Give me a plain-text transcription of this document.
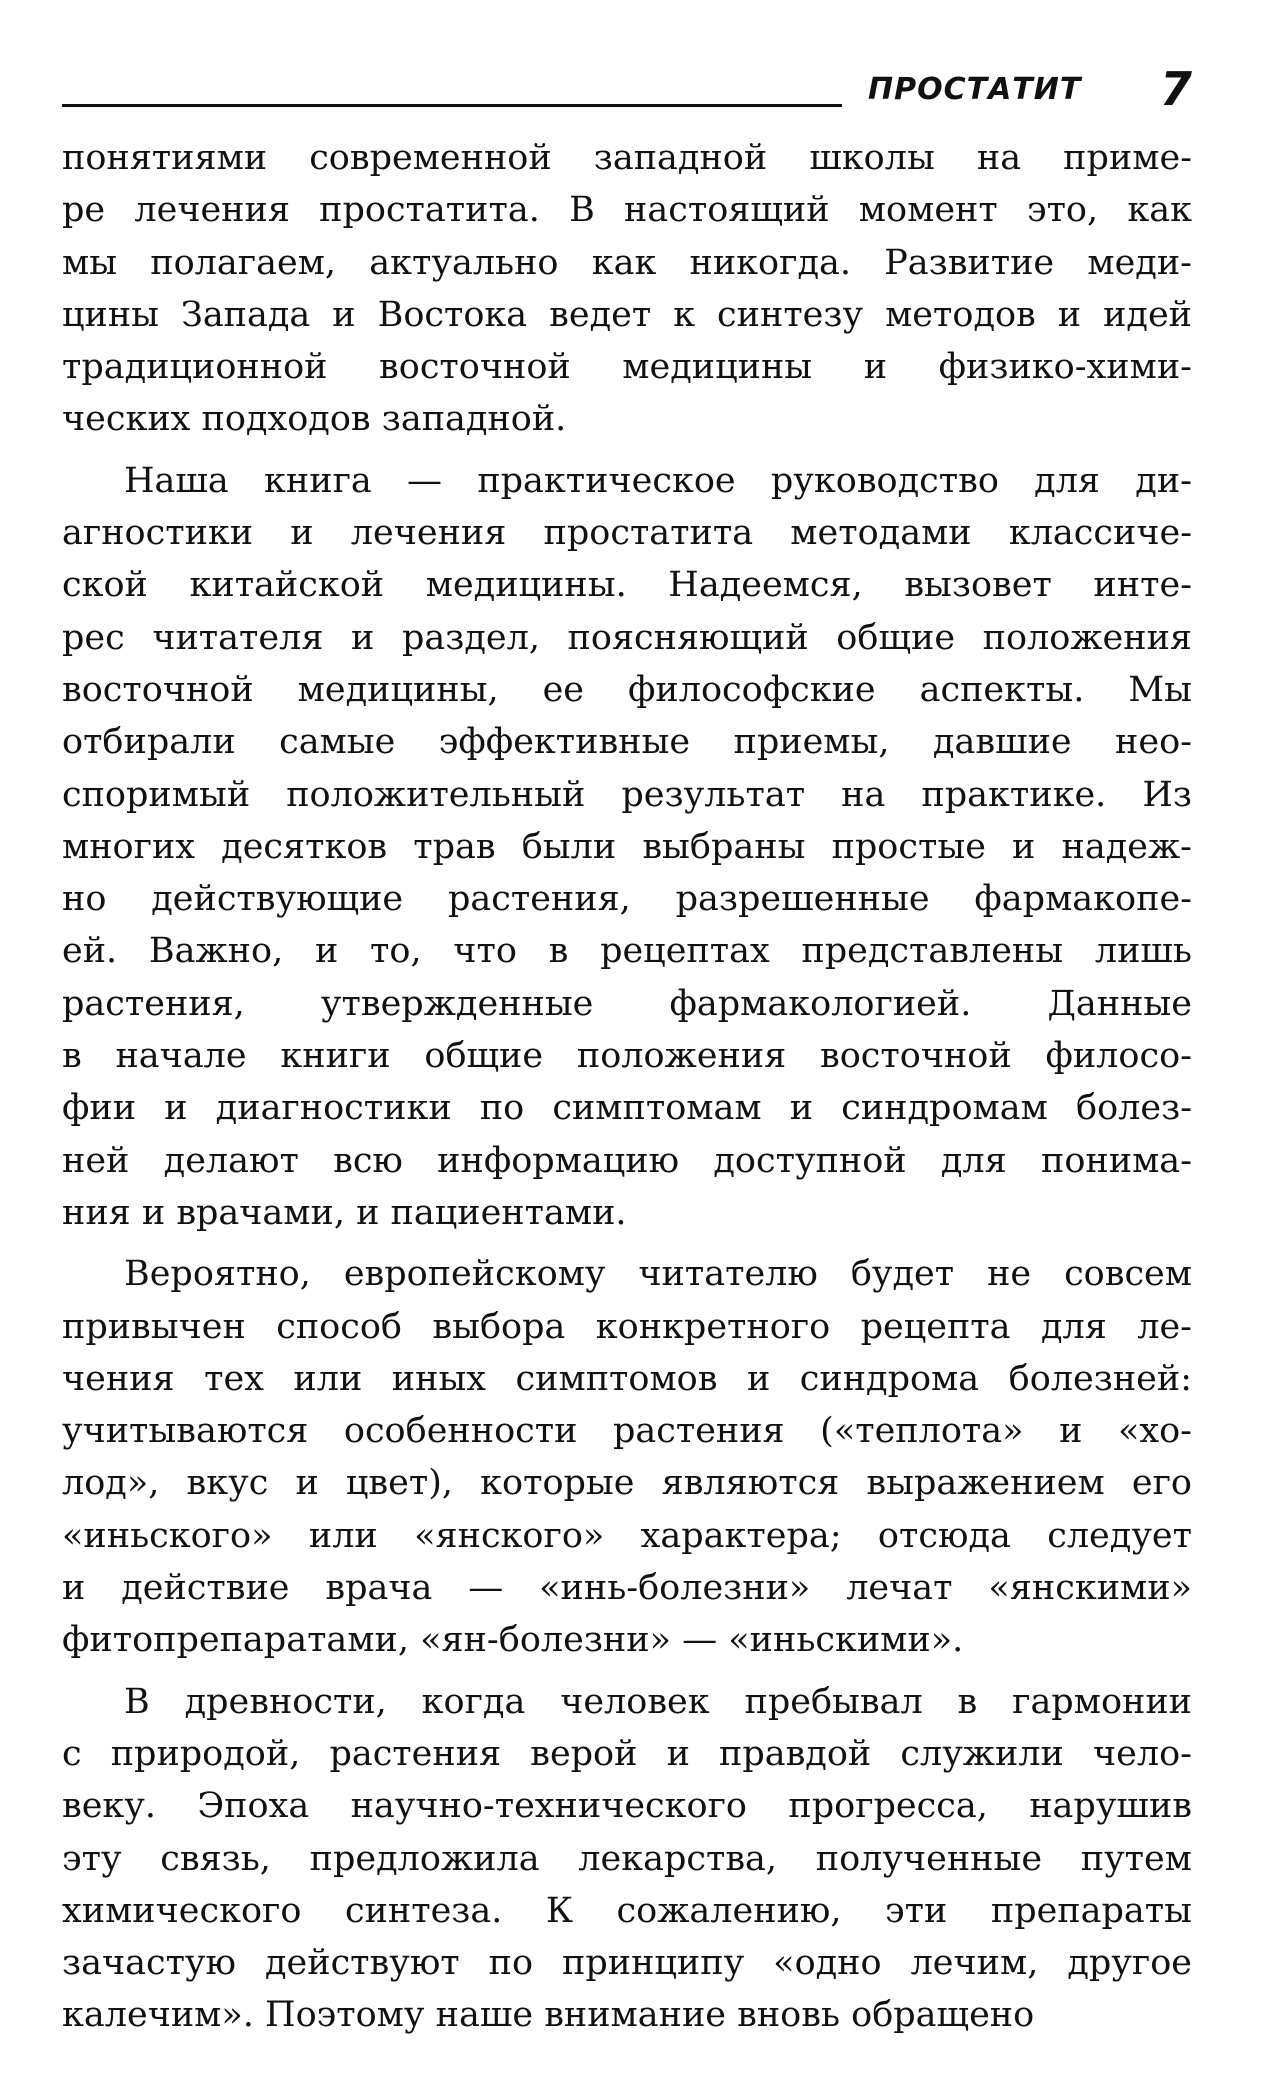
ПРОСТАТИТ 7
понятиями современной западной школы на приме-
ре лечения простатита. В настоящий момент это, как
мы полагаем, актуально как никогда. Развитие меди-
цины Запада и Востока ведет к синтезу методов и идей
традиционной восточной медицины и физико-хими-
ческих подходов западной.
Наша книга — практическое руководство для ди-
агностики и лечения простатита методами классиче-
ской китайской медицины. Надеемся, вызовет инте-
рес читателя и раздел, поясняющий общие положения
восточной медицины, ее философские аспекты. Мы
отбирали самые эффективные приемы, давшие нео-
споримый положительный результат на практике. Из
многих десятков трав были выбраны простые и надеж-
но действующие растения, разрешенные фармакопе-
ей. Важно, и то, что в рецептах представлены лишь
растения, утвержденные фармакологией. Данные
в начале книги общие положения восточной филосо-
фии и диагностики по симптомам и синдромам болез-
ней делают всю информацию доступной для понима-
ния и врачами, и пациентами.
Вероятно, европейскому читателю будет не совсем
привычен способ выбора конкретного рецепта для ле-
чения тех или иных симптомов и синдрома болезней:
учитываются особенности растения («теплота» и «хо-
лод», вкус и цвет), которые являются выражением его
«иньского» или «янского» характера; отсюда следует
и действие врача — «инь-болезни» лечат «янскими»
фитопрепаратами, «ян-болезни» — «иньскими».
В древности, когда человек пребывал в гармонии
с природой, растения верой и правдой служили чело-
веку. Эпоха научно-технического прогресса, нарушив
эту связь, предложила лекарства, полученные путем
химического синтеза. К сожалению, эти препараты
зачастую действуют по принципу «одно лечим, другое
калечим». Поэтому наше внимание вновь обращено
